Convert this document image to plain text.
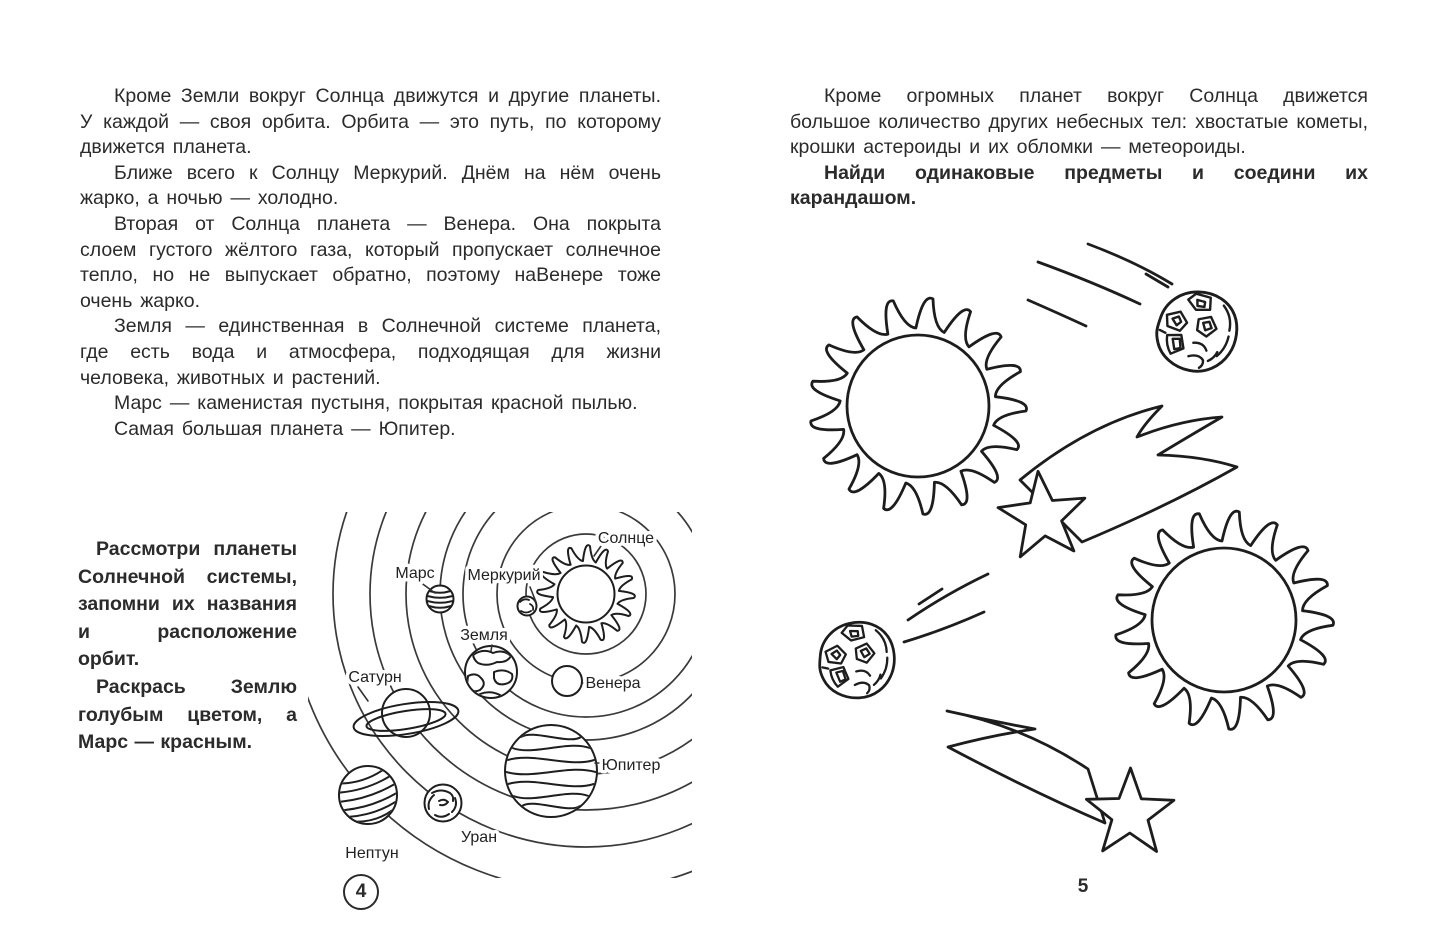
Кроме Земли вокруг Солнца движутся и другие планеты. У каждой — своя орбита. Орбита — это путь, по которому движется планета.

Ближе всего к Солнцу Меркурий. Днём на нём очень жарко, а ночью — холодно.

Вторая от Солнца планета — Венера. Она покрыта слоем густого жёлтого газа, который пропускает солнечное тепло, но не выпускает обратно, поэтому наВенере тоже очень жарко.

Земля — единственная в Солнечной системе планета, где есть вода и атмосфера, подходящая для жизни человека, животных и растений.

Марс — каменистая пустыня, покрытая красной пылью.

Самая большая планета — Юпитер.

Рассмотри планеты Солнечной системы, запомни их названия и расположение орбит.

Раскрась Землю голубым цветом, а Марс — красным.

Солнце
Меркурий
Марс
Земля
Венера
Сатурн
Юпитер
Уран
Нептун
4

Кроме огромных планет вокруг Солнца движется большое количество других небесных тел: хвостатые кометы, крошки астероиды и их обломки — метеороиды.

Найди одинаковые предметы и соедини их карандашом.

5
